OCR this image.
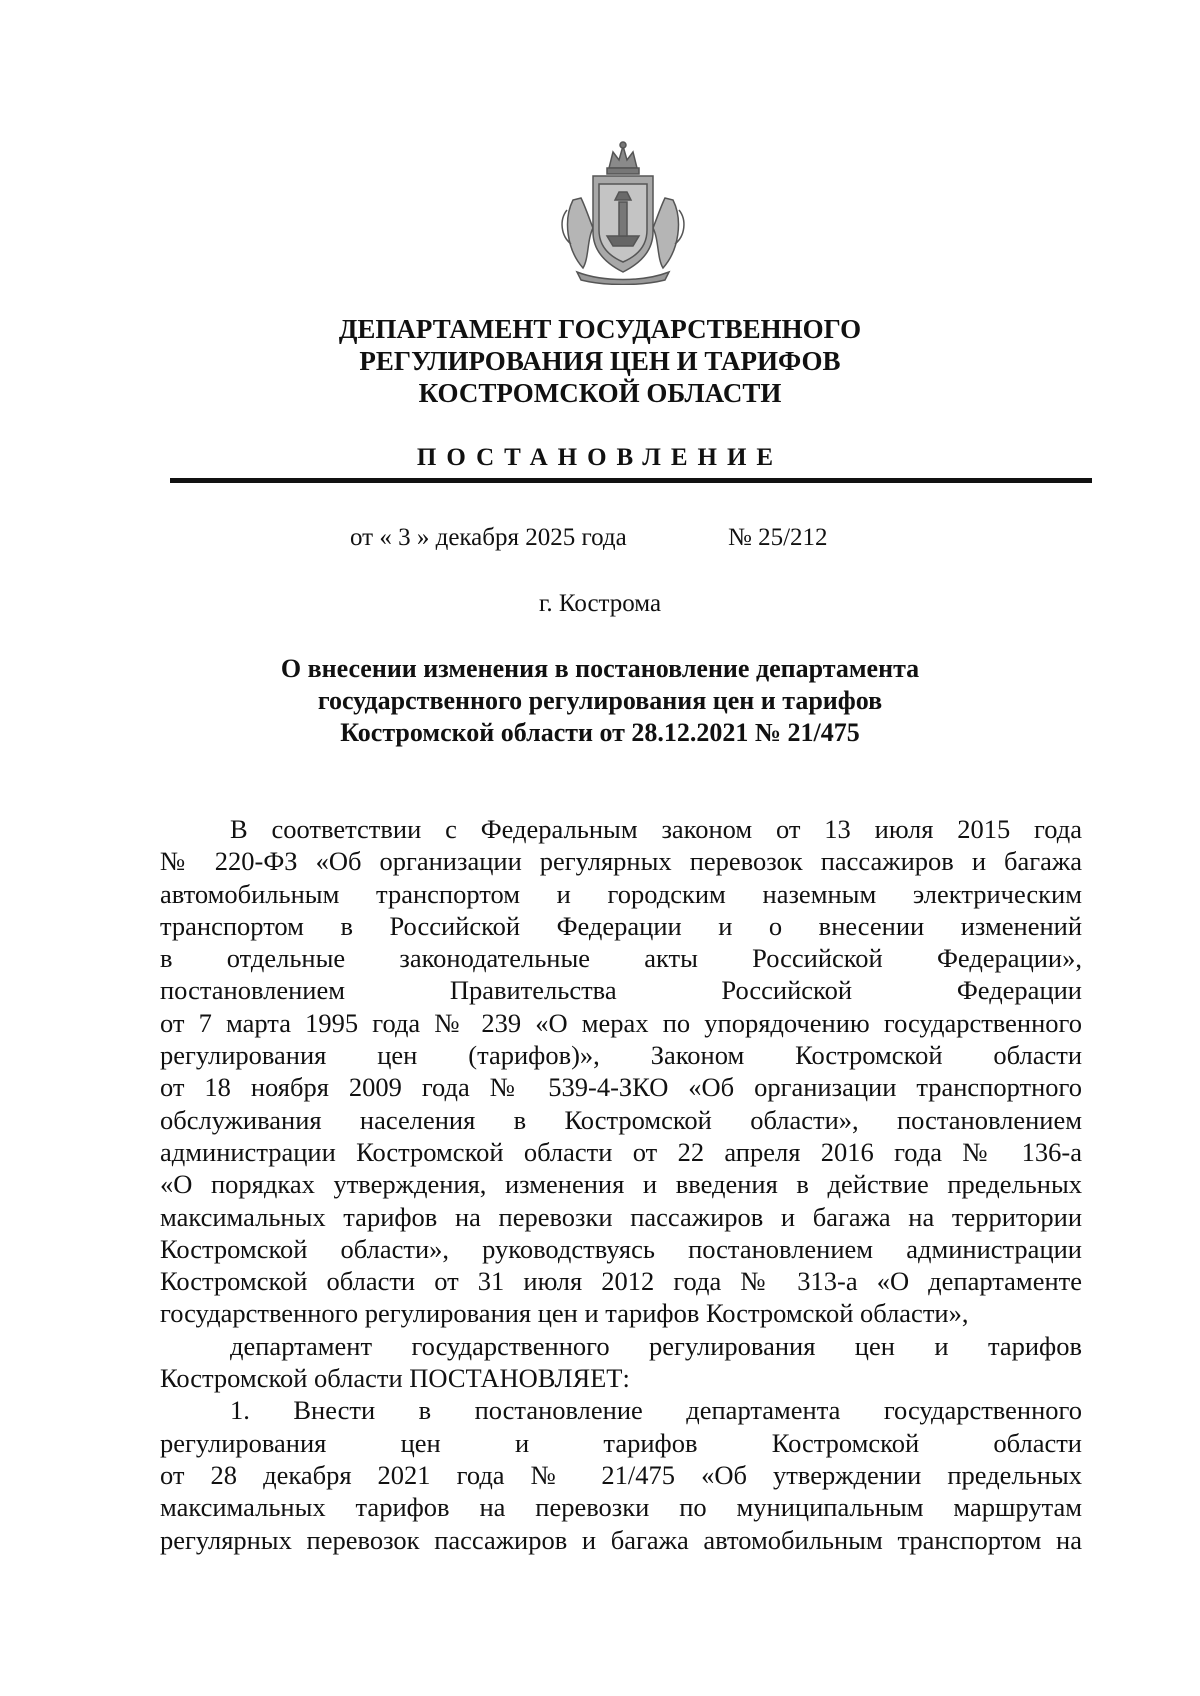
ДЕПАРТАМЕНТ ГОСУДАРСТВЕННОГО
РЕГУЛИРОВАНИЯ ЦЕН И ТАРИФОВ
КОСТРОМСКОЙ ОБЛАСТИ
ПОСТАНОВЛЕНИЕ
от « 3 » декабря 2025 года	№ 25/212
г. Кострома
О внесении изменения в постановление департамента
государственного регулирования цен и тарифов
Костромской области от 28.12.2021 № 21/475
В соответствии с Федеральным законом от 13 июля 2015 года
№ 220-ФЗ «Об организации регулярных перевозок пассажиров и багажа
автомобильным транспортом и городским наземным электрическим
транспортом в Российской Федерации и о внесении изменений
в отдельные законодательные акты Российской Федерации»,
постановлением Правительства Российской Федерации
от 7 марта 1995 года № 239 «О мерах по упорядочению государственного
регулирования цен (тарифов)», Законом Костромской области
от 18 ноября 2009 года № 539-4-ЗКО «Об организации транспортного
обслуживания населения в Костромской области», постановлением
администрации Костромской области от 22 апреля 2016 года № 136-а
«О порядках утверждения, изменения и введения в действие предельных
максимальных тарифов на перевозки пассажиров и багажа на территории
Костромской области», руководствуясь постановлением администрации
Костромской области от 31 июля 2012 года № 313-а «О департаменте
государственного регулирования цен и тарифов Костромской области»,
департамент государственного регулирования цен и тарифов
Костромской области ПОСТАНОВЛЯЕТ:
1. Внести в постановление департамента государственного
регулирования цен и тарифов Костромской области
от 28 декабря 2021 года № 21/475 «Об утверждении предельных
максимальных тарифов на перевозки по муниципальным маршрутам
регулярных перевозок пассажиров и багажа автомобильным транспортом на
